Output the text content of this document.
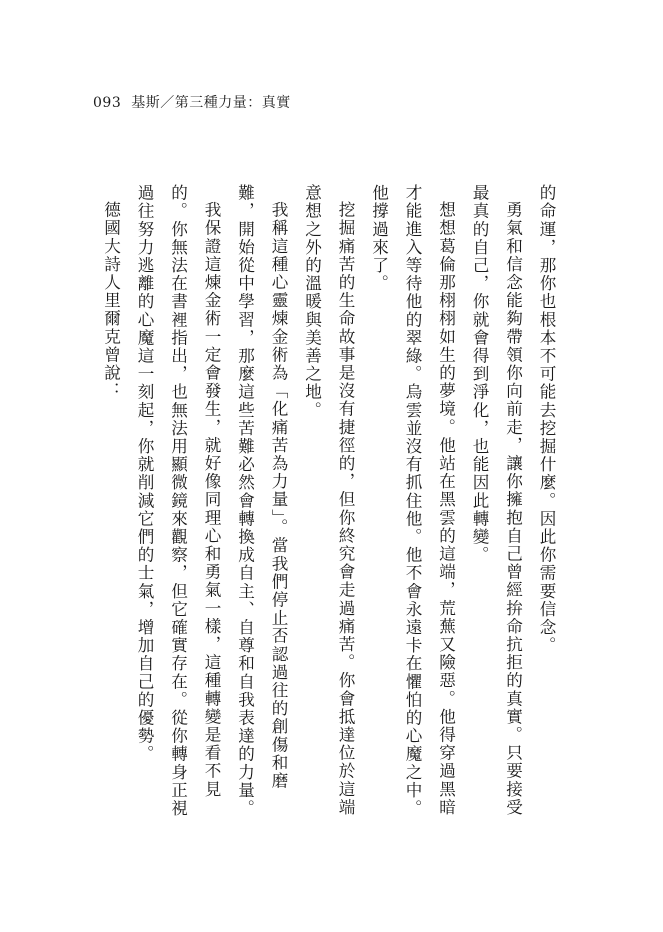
093 基斯／第三種力量：真實

的命運，那你也根本不可能去挖掘什麼。因此你需要信念。

勇氣和信念能夠帶領你向前走，讓你擁抱自己曾經拚命抗拒的真實。只要接受最真的自己，你就會得到淨化，也能因此轉變。

想想葛倫那栩栩如生的夢境。他站在黑雲的這端，荒蕪又險惡。他得穿過黑暗才能進入等待他的翠綠。烏雲並沒有抓住他。他不會永遠卡在懼怕的心魔之中。他撐過來了。

挖掘痛苦的生命故事是沒有捷徑的，但你終究會走過痛苦。你會抵達位於這端意想之外的溫暖與美善之地。

我稱這種心靈煉金術為「化痛苦為力量」。當我們停止否認過往的創傷和磨難，開始從中學習，那麼這些苦難必然會轉換成自主、自尊和自我表達的力量。

我保證這煉金術一定會發生，就好像同理心和勇氣一樣，這種轉變是看不見的。你無法在書裡指出，也無法用顯微鏡來觀察，但它確實存在。從你轉身正視過往努力逃離的心魔這一刻起，你就削減它們的士氣，增加自己的優勢。

德國大詩人里爾克曾說：
